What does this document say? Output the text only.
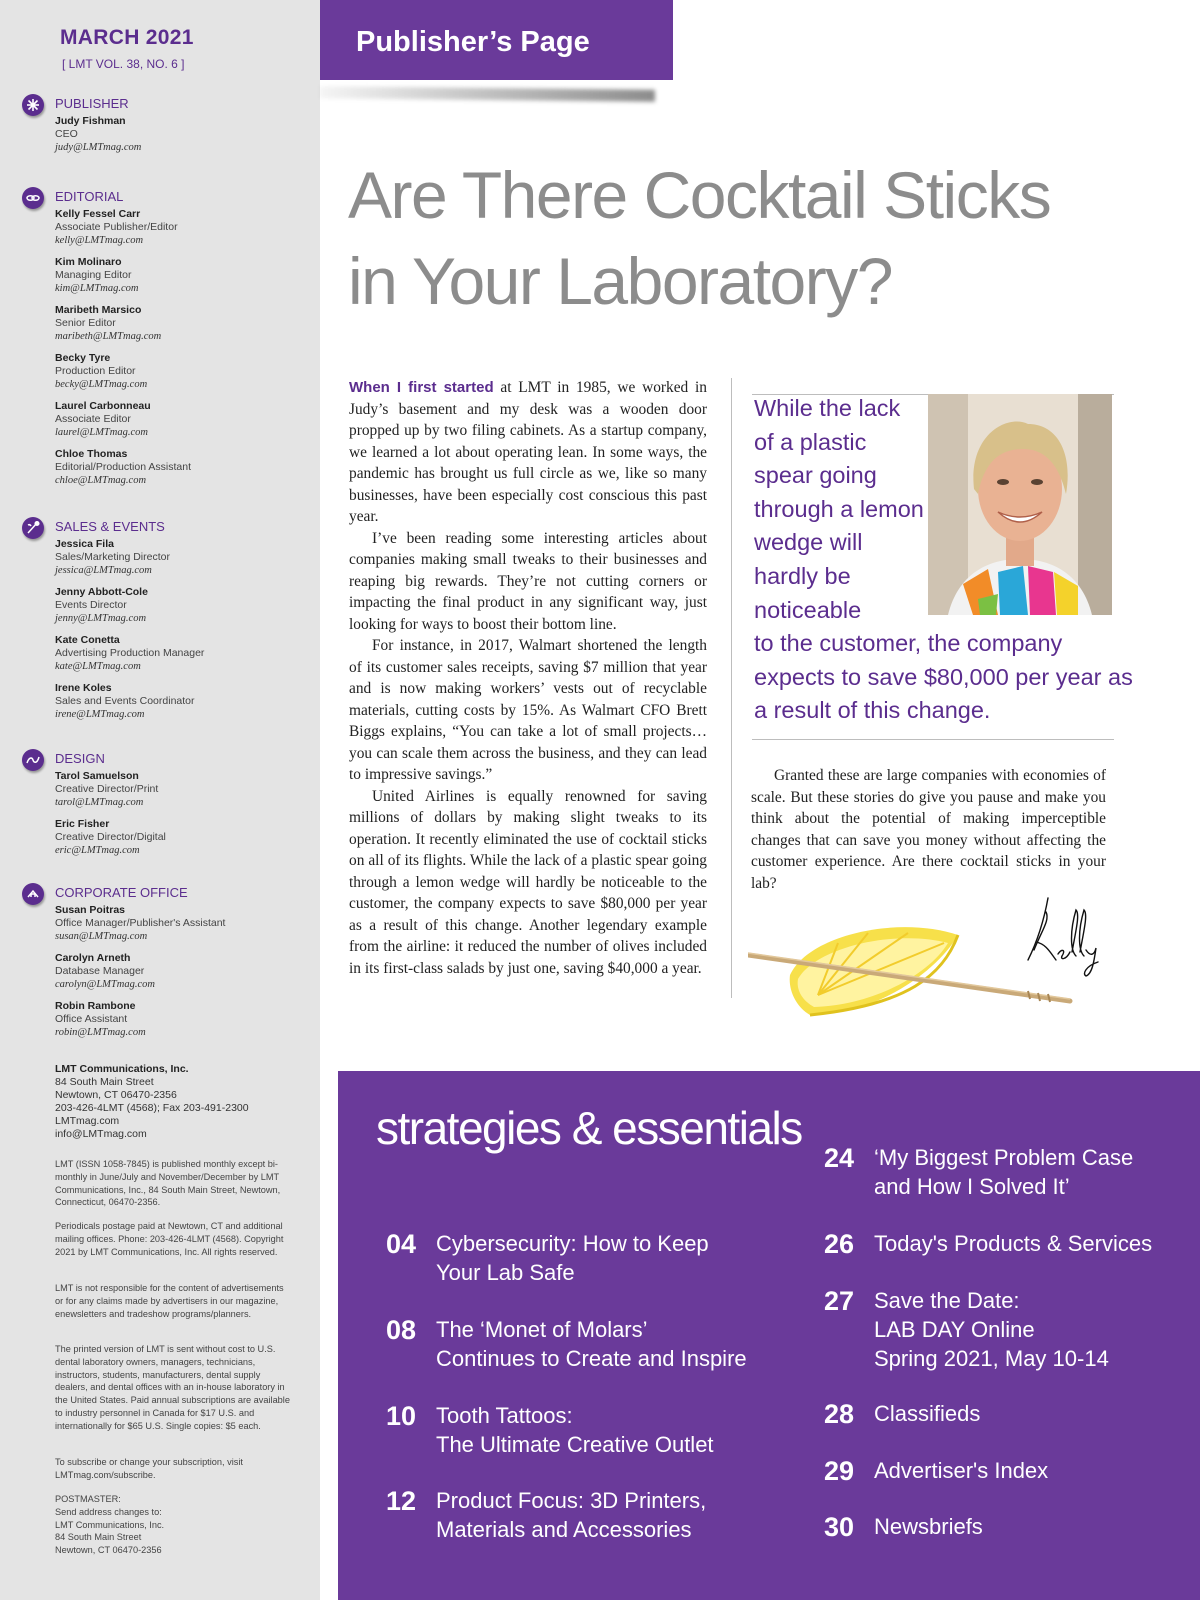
MARCH 2021
[ LMT VOL. 38, NO. 6 ]
PUBLISHER
Judy Fishman
CEO
judy@LMTmag.com
EDITORIAL
Kelly Fessel Carr
Associate Publisher/Editor
kelly@LMTmag.com
Kim Molinaro
Managing Editor
kim@LMTmag.com
Maribeth Marsico
Senior Editor
maribeth@LMTmag.com
Becky Tyre
Production Editor
becky@LMTmag.com
Laurel Carbonneau
Associate Editor
laurel@LMTmag.com
Chloe Thomas
Editorial/Production Assistant
chloe@LMTmag.com
SALES & EVENTS
Jessica Fila
Sales/Marketing Director
jessica@LMTmag.com
Jenny Abbott-Cole
Events Director
jenny@LMTmag.com
Kate Conetta
Advertising Production Manager
kate@LMTmag.com
Irene Koles
Sales and Events Coordinator
irene@LMTmag.com
DESIGN
Tarol Samuelson
Creative Director/Print
tarol@LMTmag.com
Eric Fisher
Creative Director/Digital
eric@LMTmag.com
CORPORATE OFFICE
Susan Poitras
Office Manager/Publisher's Assistant
susan@LMTmag.com
Carolyn Arneth
Database Manager
carolyn@LMTmag.com
Robin Rambone
Office Assistant
robin@LMTmag.com
LMT Communications, Inc.
84 South Main Street
Newtown, CT 06470-2356
203-426-4LMT (4568); Fax 203-491-2300
LMTmag.com
info@LMTmag.com
LMT (ISSN 1058-7845) is published monthly except bi-monthly in June/July and November/December by LMT Communications, Inc., 84 South Main Street, Newtown, Connecticut, 06470-2356.
Periodicals postage paid at Newtown, CT and additional mailing offices. Phone: 203-426-4LMT (4568). Copyright 2021 by LMT Communications, Inc. All rights reserved.
LMT is not responsible for the content of advertisements or for any claims made by advertisers in our magazine, enewsletters and tradeshow programs/planners.
The printed version of LMT is sent without cost to U.S. dental laboratory owners, managers, technicians, instructors, students, manufacturers, dental supply dealers, and dental offices with an in-house laboratory in the United States. Paid annual subscriptions are available to industry personnel in Canada for $17 U.S. and internationally for $65 U.S. Single copies: $5 each.
To subscribe or change your subscription, visit LMTmag.com/subscribe.
POSTMASTER:
Send address changes to:
LMT Communications, Inc.
84 South Main Street
Newtown, CT 06470-2356
Publisher’s Page
Are There Cocktail Sticks
in Your Laboratory?

When I first started at LMT in 1985, we worked in Judy’s basement and my desk was a wooden door propped up by two filing cabinets. As a startup company, we learned a lot about operating lean. In some ways, the pandemic has brought us full circle as we, like so many businesses, have been especially cost conscious this past year.

I’ve been reading some interesting articles about companies making small tweaks to their businesses and reaping big rewards. They’re not cutting corners or impacting the final product in any significant way, just looking for ways to boost their bottom line.

For instance, in 2017, Walmart shortened the length of its customer sales receipts, saving $7 million that year and is now making workers’ vests out of recyclable materials, cutting costs by 15%. As Walmart CFO Brett Biggs explains, “You can take a lot of small projects…you can scale them across the business, and they can lead to impressive savings.”

United Airlines is equally renowned for saving millions of dollars by making slight tweaks to its operation. It recently eliminated the use of cocktail sticks on all of its flights. While the lack of a plastic spear going through a lemon wedge will hardly be noticeable to the customer, the company expects to save $80,000 per year as a result of this change. Another legendary example from the airline: it reduced the number of olives included in its first-class salads by just one, saving $40,000 a year.

While the lack of a plastic spear going through a lemon wedge will hardly be noticeable
to the customer, the company expects to save $80,000 per year as a result of this change.

Granted these are large companies with economies of scale. But these stories do give you pause and make you think about the potential of making imperceptible changes that can save you money without affecting the customer experience. Are there cocktail sticks in your lab?

strategies & essentials
04 Cybersecurity: How to Keep
Your Lab Safe
08 The ‘Monet of Molars’
Continues to Create and Inspire
10 Tooth Tattoos:
The Ultimate Creative Outlet
12 Product Focus: 3D Printers,
Materials and Accessories
24 ‘My Biggest Problem Case
and How I Solved It’
26 Today's Products & Services
27 Save the Date:
LAB DAY Online
Spring 2021, May 10-14
28 Classifieds
29 Advertiser's Index
30 Newsbriefs
